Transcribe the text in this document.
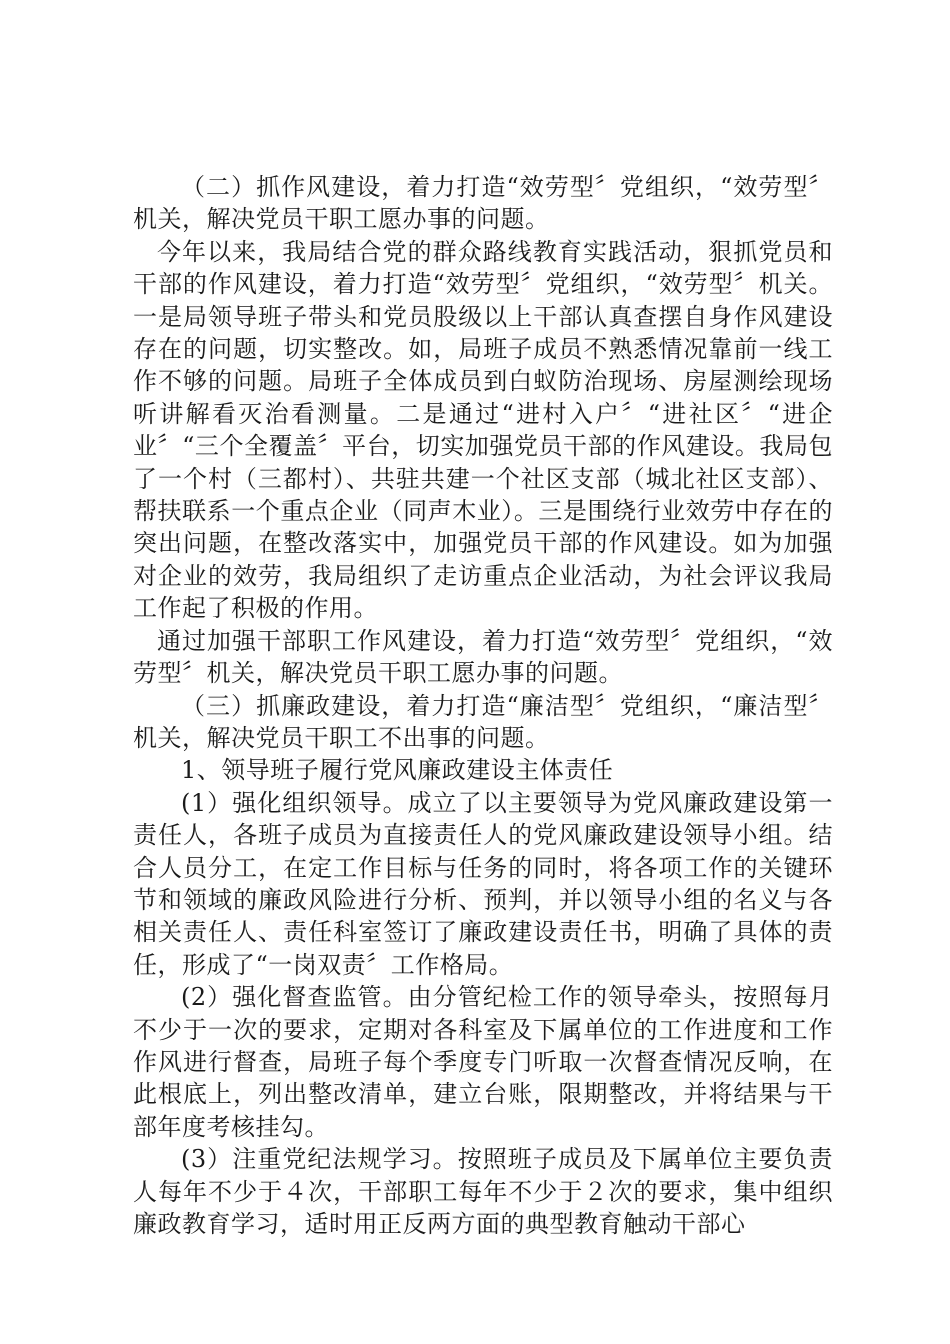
（二）抓作风建设，着力打造“效劳型〞党组织，“效劳型〞机关，解决党员干职工愿办事的问题。

今年以来，我局结合党的群众路线教育实践活动，狠抓党员和干部的作风建设，着力打造“效劳型〞党组织，“效劳型〞机关。一是局领导班子带头和党员股级以上干部认真查摆自身作风建设存在的问题，切实整改。如，局班子成员不熟悉情况靠前一线工作不够的问题。局班子全体成员到白蚁防治现场、房屋测绘现场听讲解看灭治看测量。二是通过“进村入户〞“进社区〞“进企业〞“三个全覆盖〞平台，切实加强党员干部的作风建设。我局包了一个村（三都村）、共驻共建一个社区支部（城北社区支部）、帮扶联系一个重点企业（同声木业）。三是围绕行业效劳中存在的突出问题，在整改落实中，加强党员干部的作风建设。如为加强对企业的效劳，我局组织了走访重点企业活动，为社会评议我局工作起了积极的作用。

通过加强干部职工作风建设，着力打造“效劳型〞党组织，“效劳型〞机关，解决党员干职工愿办事的问题。

（三）抓廉政建设，着力打造“廉洁型〞党组织，“廉洁型〞机关，解决党员干职工不出事的问题。

1、领导班子履行党风廉政建设主体责任

(1）强化组织领导。成立了以主要领导为党风廉政建设第一责任人，各班子成员为直接责任人的党风廉政建设领导小组。结合人员分工，在定工作目标与任务的同时，将各项工作的关键环节和领域的廉政风险进行分析、预判，并以领导小组的名义与各相关责任人、责任科室签订了廉政建设责任书，明确了具体的责任，形成了“一岗双责〞工作格局。

(2）强化督查监管。由分管纪检工作的领导牵头，按照每月不少于一次的要求，定期对各科室及下属单位的工作进度和工作作风进行督查，局班子每个季度专门听取一次督查情况反响，在此根底上，列出整改清单，建立台账，限期整改，并将结果与干部年度考核挂勾。

(3）注重党纪法规学习。按照班子成员及下属单位主要负责人每年不少于４次，干部职工每年不少于２次的要求，集中组织廉政教育学习，适时用正反两方面的典型教育触动干部心
